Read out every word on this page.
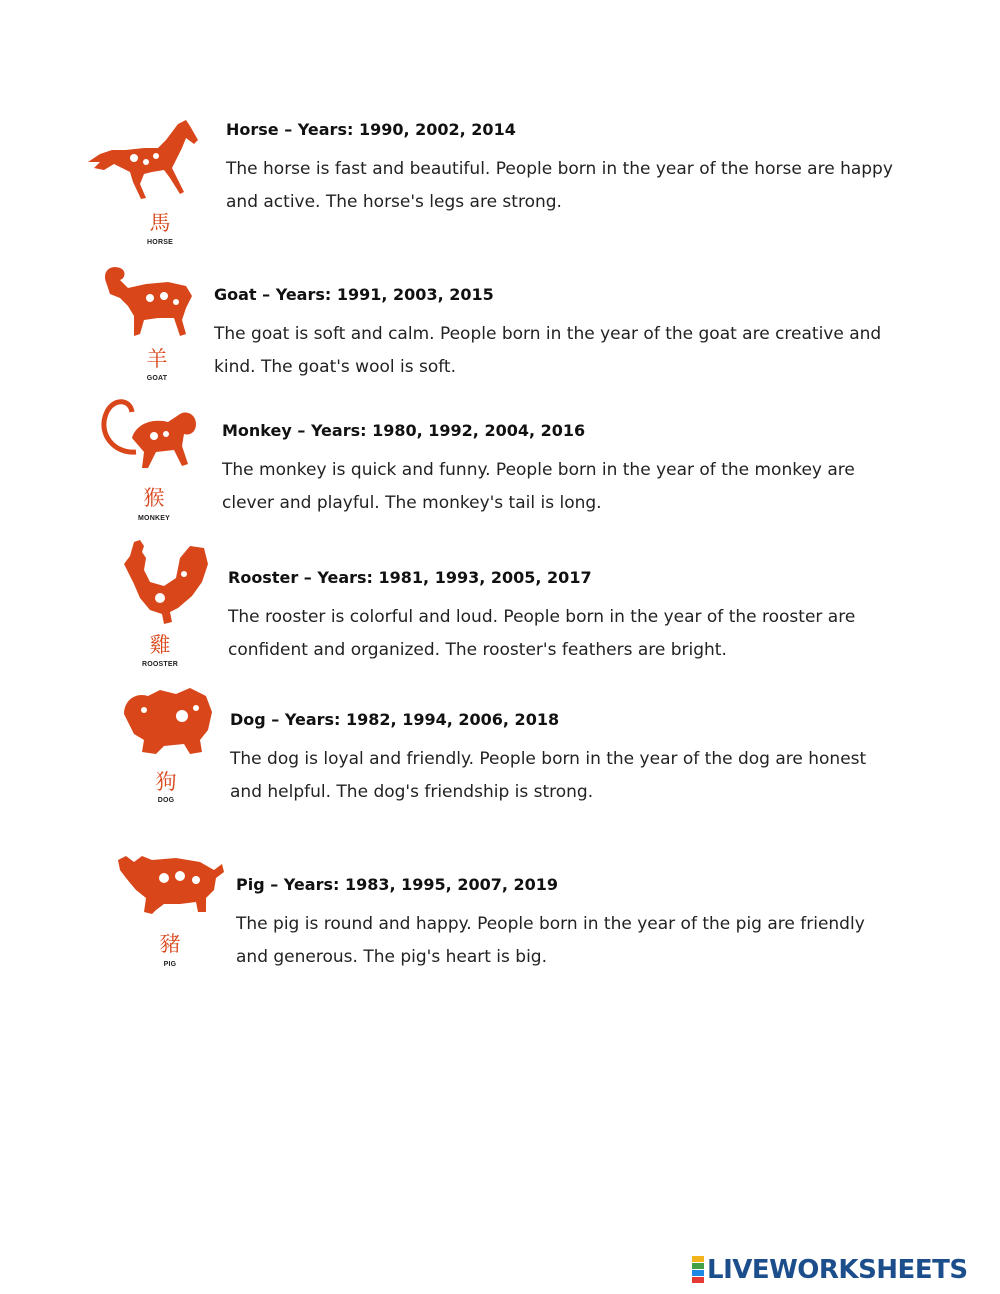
馬
HORSE

Horse – Years: 1990, 2002, 2014

The horse is fast and beautiful. People born in the year of the horse are happy

and active. The horse's legs are strong.

羊
GOAT

Goat – Years: 1991, 2003, 2015

The goat is soft and calm. People born in the year of the goat are creative and

kind. The goat's wool is soft.

猴
MONKEY

Monkey – Years: 1980, 1992, 2004, 2016

The monkey is quick and funny. People born in the year of the monkey are

clever and playful. The monkey's tail is long.

雞
ROOSTER

Rooster – Years: 1981, 1993, 2005, 2017

The rooster is colorful and loud. People born in the year of the rooster are

confident and organized. The rooster's feathers are bright.

狗
DOG

Dog – Years: 1982, 1994, 2006, 2018

The dog is loyal and friendly. People born in the year of the dog are honest

and helpful. The dog's friendship is strong.

豬
PIG

Pig – Years: 1983, 1995, 2007, 2019

The pig is round and happy. People born in the year of the pig are friendly

and generous. The pig's heart is big.

LIVEWORKSHEETS
